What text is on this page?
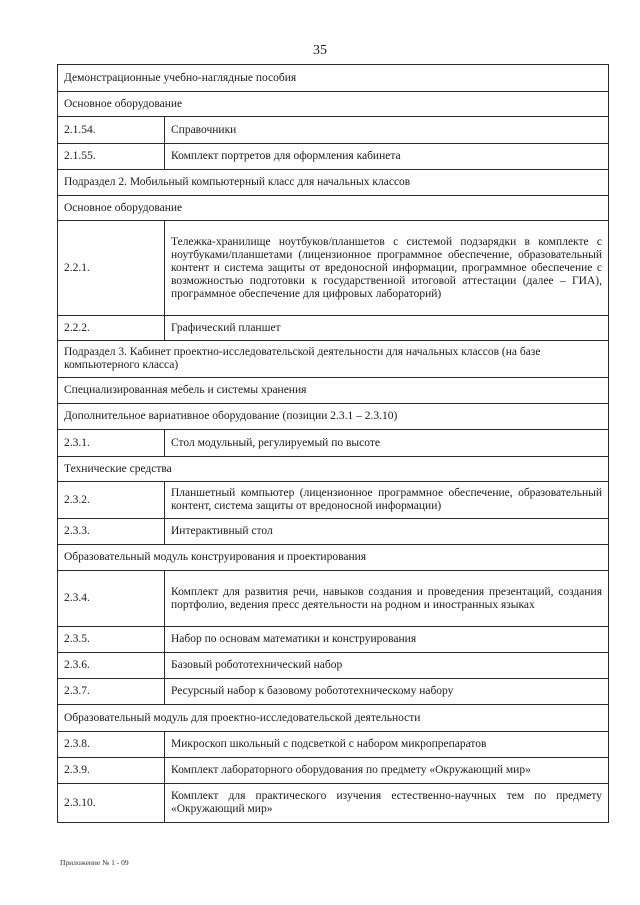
35
Демонстрационные учебно-наглядные пособия	
Основное оборудование	
2.1.54.	Справочники
2.1.55.	Комплект портретов для оформления кабинета
Подраздел 2. Мобильный компьютерный класс для начальных классов	
Основное оборудование	
2.2.1.	Тележка-хранилище ноутбуков/планшетов с системой подзарядки в комплекте с ноутбуками/планшетами (лицензионное программное обеспечение, образовательный контент и система защиты от вредоносной информации, программное обеспечение с возможностью подготовки к государственной итоговой аттестации (далее – ГИА), программное обеспечение для цифровых лабораторий)
2.2.2.	Графический планшет
Подраздел 3. Кабинет проектно-исследовательской деятельности для начальных классов (на базе компьютерного класса)	
Специализированная мебель и системы хранения	
Дополнительное вариативное оборудование (позиции 2.3.1 – 2.3.10)	
2.3.1.	Стол модульный, регулируемый по высоте
Технические средства	
2.3.2.	Планшетный компьютер (лицензионное программное обеспечение, образовательный контент, система защиты от вредоносной информации)
2.3.3.	Интерактивный стол
Образовательный модуль конструирования и проектирования	
2.3.4.	Комплект для развития речи, навыков создания и проведения презентаций, создания портфолио, ведения пресс деятельности на родном и иностранных языках
2.3.5.	Набор по основам математики и конструирования
2.3.6.	Базовый робототехнический набор
2.3.7.	Ресурсный набор к базовому робототехническому набору
Образовательный модуль для проектно-исследовательской деятельности	
2.3.8.	Микроскоп школьный с подсветкой с набором микропрепаратов
2.3.9.	Комплект лабораторного оборудования по предмету «Окружающий мир»
2.3.10.	Комплект для практического изучения естественно-научных тем по предмету «Окружающий мир»
Приложение № 1 - 09
